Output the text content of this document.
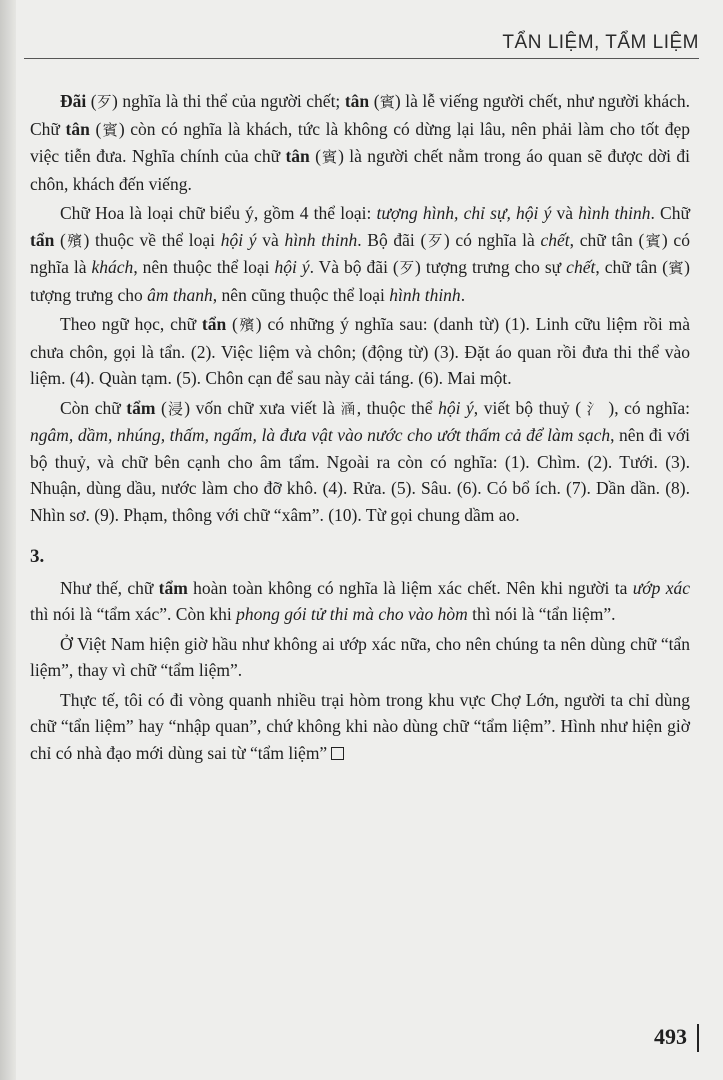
TẨN LIỆM, TẨM LIỆM

Đãi (歹) nghĩa là thi thể của người chết; tân (賓) là lễ viếng người chết, như người khách. Chữ tân (賓) còn có nghĩa là khách, tức là không có dừng lại lâu, nên phải làm cho tốt đẹp việc tiễn đưa. Nghĩa chính của chữ tân (賓) là người chết nằm trong áo quan sẽ được dời đi chôn, khách đến viếng.

Chữ Hoa là loại chữ biểu ý, gồm 4 thể loại: tượng hình, chỉ sự, hội ý và hình thinh. Chữ tẩn (殯) thuộc về thể loại hội ý và hình thinh. Bộ đãi (歹) có nghĩa là chết, chữ tân (賓) có nghĩa là khách, nên thuộc thể loại hội ý. Và bộ đãi (歹) tượng trưng cho sự chết, chữ tân (賓) tượng trưng cho âm thanh, nên cũng thuộc thể loại hình thinh.

Theo ngữ học, chữ tẩn (殯) có những ý nghĩa sau: (danh từ) (1). Linh cữu liệm rồi mà chưa chôn, gọi là tẩn. (2). Việc liệm và chôn; (động từ) (3). Đặt áo quan rồi đưa thi thể vào liệm. (4). Quàn tạm. (5). Chôn cạn để sau này cải táng. (6). Mai một.

Còn chữ tẩm (浸) vốn chữ xưa viết là 𣹢, thuộc thể hội ý, viết bộ thuỷ ( 氵 ), có nghĩa: ngâm, dầm, nhúng, thấm, ngấm, là đưa vật vào nước cho ướt thấm cả để làm sạch, nên đi với bộ thuỷ, và chữ bên cạnh cho âm tẩm. Ngoài ra còn có nghĩa: (1). Chìm. (2). Tưới. (3). Nhuận, dùng dầu, nước làm cho đỡ khô. (4). Rửa. (5). Sâu. (6). Có bổ ích. (7). Dần dần. (8). Nhìn sơ. (9). Phạm, thông với chữ “xâm”. (10). Từ gọi chung dầm ao.

3.

Như thế, chữ tẩm hoàn toàn không có nghĩa là liệm xác chết. Nên khi người ta ướp xác thì nói là “tẩm xác”. Còn khi phong gói tử thi mà cho vào hòm thì nói là “tẩn liệm”.

Ở Việt Nam hiện giờ hầu như không ai ướp xác nữa, cho nên chúng ta nên dùng chữ “tẩn liệm”, thay vì chữ “tẩm liệm”.

Thực tế, tôi có đi vòng quanh nhiều trại hòm trong khu vực Chợ Lớn, người ta chỉ dùng chữ “tẩn liệm” hay “nhập quan”, chứ không khi nào dùng chữ “tẩm liệm”. Hình như hiện giờ chỉ có nhà đạo mới dùng sai từ “tẩm liệm”

493
